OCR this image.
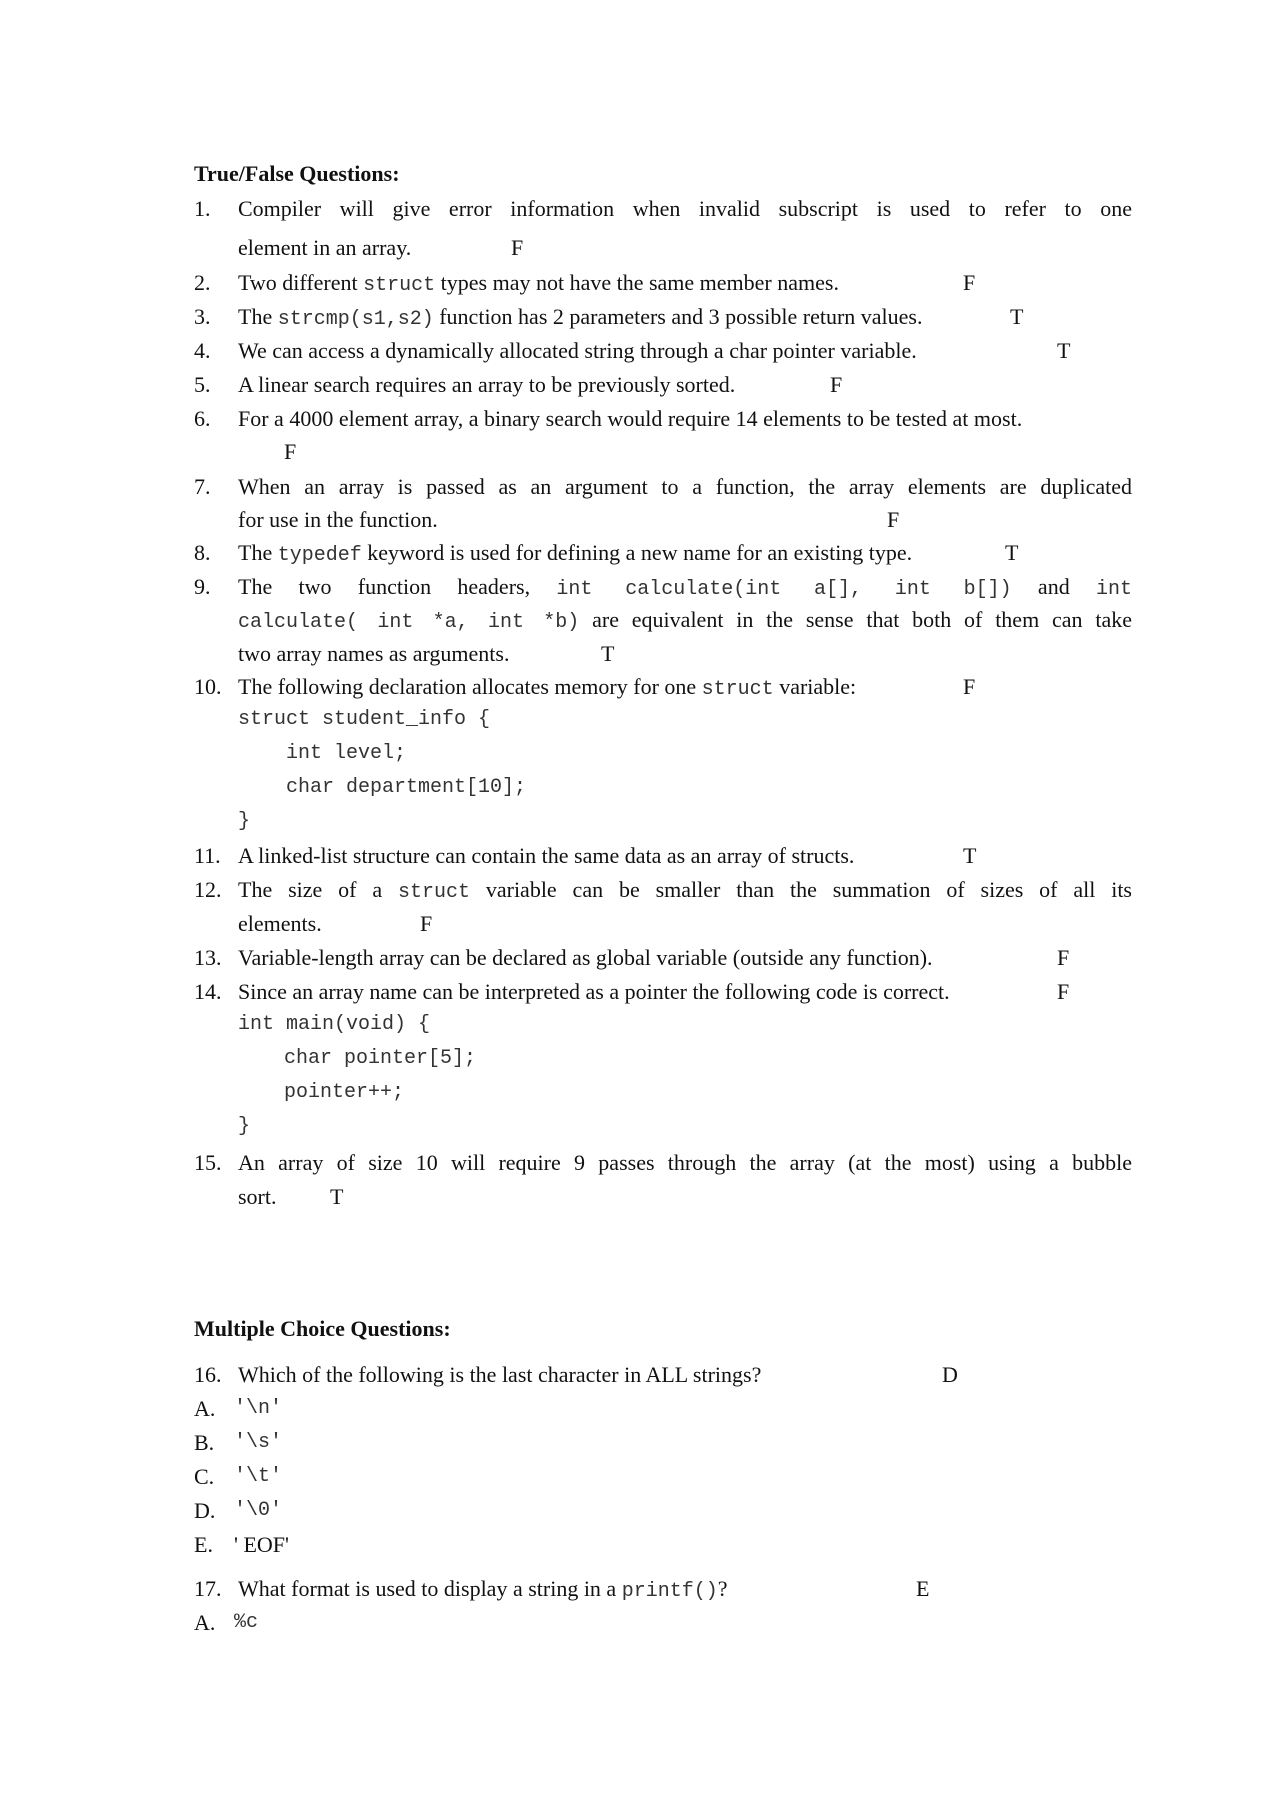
True/False Questions:
1. Compiler will give error information when invalid subscript is used to refer to one
element in an array.	F
2. Two different struct types may not have the same member names.	F
3. The strcmp(s1,s2) function has 2 parameters and 3 possible return values.	T
4. We can access a dynamically allocated string through a char pointer variable.	T
5. A linear search requires an array to be previously sorted.	F
6. For a 4000 element array, a binary search would require 14 elements to be tested at most.
F
7. When an array is passed as an argument to a function, the array elements are duplicated
for use in the function.	F
8. The typedef keyword is used for defining a new name for an existing type.	T
9. The two function headers, int calculate(int a[], int b[]) and int
calculate( int *a, int *b) are equivalent in the sense that both of them can take
two array names as arguments.	T
10. The following declaration allocates memory for one struct variable:	F
struct student_info {
int level;
char department[10];
}
11. A linked-list structure can contain the same data as an array of structs.	T
12. The size of a struct variable can be smaller than the summation of sizes of all its
elements.	F
13. Variable-length array can be declared as global variable (outside any function).	F
14. Since an array name can be interpreted as a pointer the following code is correct.	F
int main(void) {
char pointer[5];
pointer++;
}
15. An array of size 10 will require 9 passes through the array (at the most) using a bubble
sort. T
Multiple Choice Questions:
16. Which of the following is the last character in ALL strings?	D
A. '\n'
B. '\s'
C. '\t'
D. '\0'
E. ' EOF'
17. What format is used to display a string in a printf()?	E
A. %c
